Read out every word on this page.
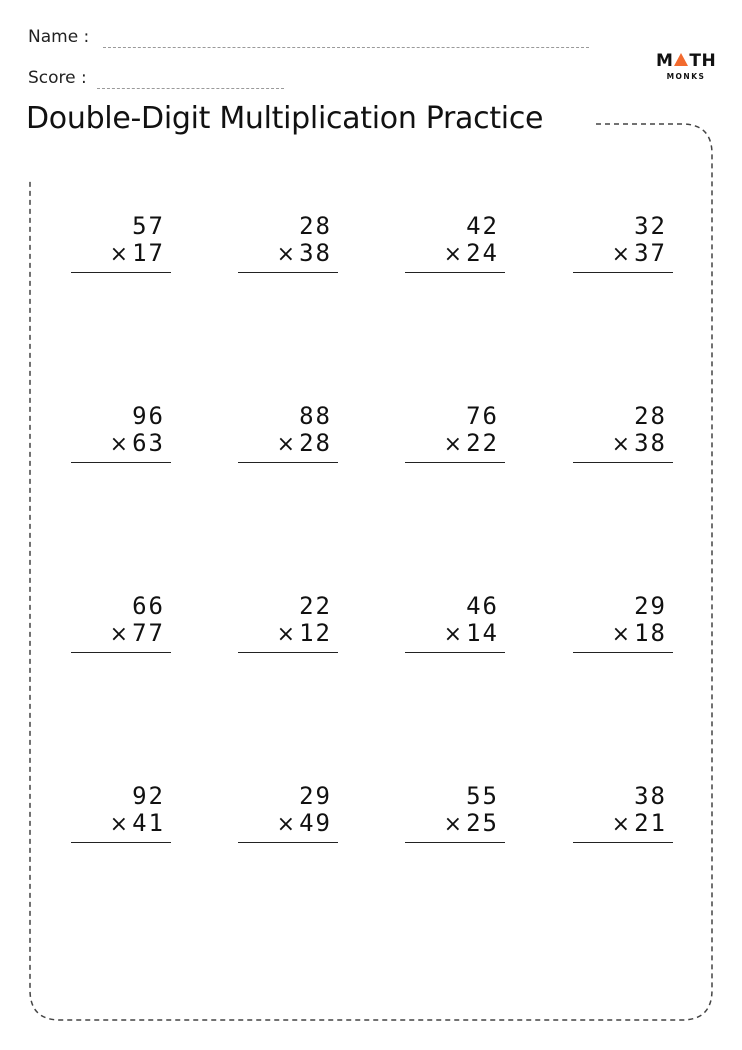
Name :
Score :
M TH
MONKS
Double-Digit Multiplication Practice
57
×17
28
×38
42
×24
32
×37
96
×63
88
×28
76
×22
28
×38
66
×77
22
×12
46
×14
29
×18
92
×41
29
×49
55
×25
38
×21
